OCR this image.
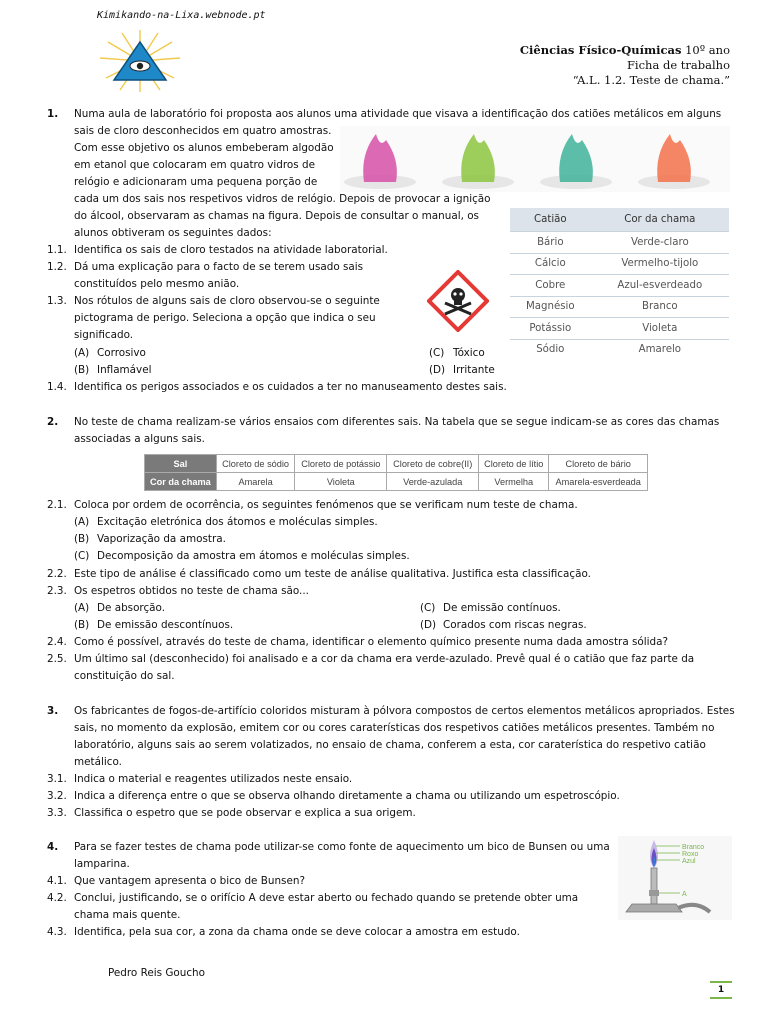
Kimikando-na-Lixa.webnode.pt
Ciências Físico-Químicas 10º ano
Ficha de trabalho
“A.L. 1.2. Teste de chama.”
1. Numa aula de laboratório foi proposta aos alunos uma atividade que visava a identificação dos catiões metálicos em alguns
sais de cloro desconhecidos em quatro amostras.
Com esse objetivo os alunos embeberam algodão
em etanol que colocaram em quatro vidros de
relógio e adicionaram uma pequena porção de
cada um dos sais nos respetivos vidros de relógio. Depois de provocar a ignição
do álcool, observaram as chamas na figura. Depois de consultar o manual, os
alunos obtiveram os seguintes dados:
Catião	Cor da chama
Bário	Verde-claro
Cálcio	Vermelho-tijolo
Cobre	Azul-esverdeado
Magnésio	Branco
Potássio	Violeta
Sódio	Amarelo
1.1. Identifica os sais de cloro testados na atividade laboratorial.
1.2. Dá uma explicação para o facto de se terem usado sais
constituídos pelo mesmo anião.
1.3. Nos rótulos de alguns sais de cloro observou-se o seguinte
pictograma de perigo. Seleciona a opção que indica o seu
significado.
(A) Corrosivo	(C) Tóxico
(B) Inflamável	(D) Irritante
1.4. Identifica os perigos associados e os cuidados a ter no manuseamento destes sais.
2. No teste de chama realizam-se vários ensaios com diferentes sais. Na tabela que se segue indicam-se as cores das chamas
associadas a alguns sais.
Sal	Cloreto de sódio	Cloreto de potássio	Cloreto de cobre(II)	Cloreto de lítio	Cloreto de bário
Cor da chama	Amarela	Violeta	Verde-azulada	Vermelha	Amarela-esverdeada
2.1. Coloca por ordem de ocorrência, os seguintes fenómenos que se verificam num teste de chama.
(A) Excitação eletrónica dos átomos e moléculas simples.
(B) Vaporização da amostra.
(C) Decomposição da amostra em átomos e moléculas simples.
2.2. Este tipo de análise é classificado como um teste de análise qualitativa. Justifica esta classificação.
2.3. Os espetros obtidos no teste de chama são...
(A) De absorção.	(C) De emissão contínuos.
(B) De emissão descontínuos.	(D) Corados com riscas negras.
2.4. Como é possível, através do teste de chama, identificar o elemento químico presente numa dada amostra sólida?
2.5. Um último sal (desconhecido) foi analisado e a cor da chama era verde-azulado. Prevê qual é o catião que faz parte da
constituição do sal.
3. Os fabricantes de fogos-de-artifício coloridos misturam à pólvora compostos de certos elementos metálicos apropriados. Estes
sais, no momento da explosão, emitem cor ou cores caraterísticas dos respetivos catiões metálicos presentes. Também no
laboratório, alguns sais ao serem volatizados, no ensaio de chama, conferem a esta, cor caraterística do respetivo catião
metálico.
3.1. Indica o material e reagentes utilizados neste ensaio.
3.2. Indica a diferença entre o que se observa olhando diretamente a chama ou utilizando um espetroscópio.
3.3. Classifica o espetro que se pode observar e explica a sua origem.
4. Para se fazer testes de chama pode utilizar-se como fonte de aquecimento um bico de Bunsen ou uma
lamparina.
4.1. Que vantagem apresenta o bico de Bunsen?
4.2. Conclui, justificando, se o orifício A deve estar aberto ou fechado quando se pretende obter uma
chama mais quente.
4.3. Identifica, pela sua cor, a zona da chama onde se deve colocar a amostra em estudo.
Branco
Roxo
Azul
A
Pedro Reis Goucho
1
